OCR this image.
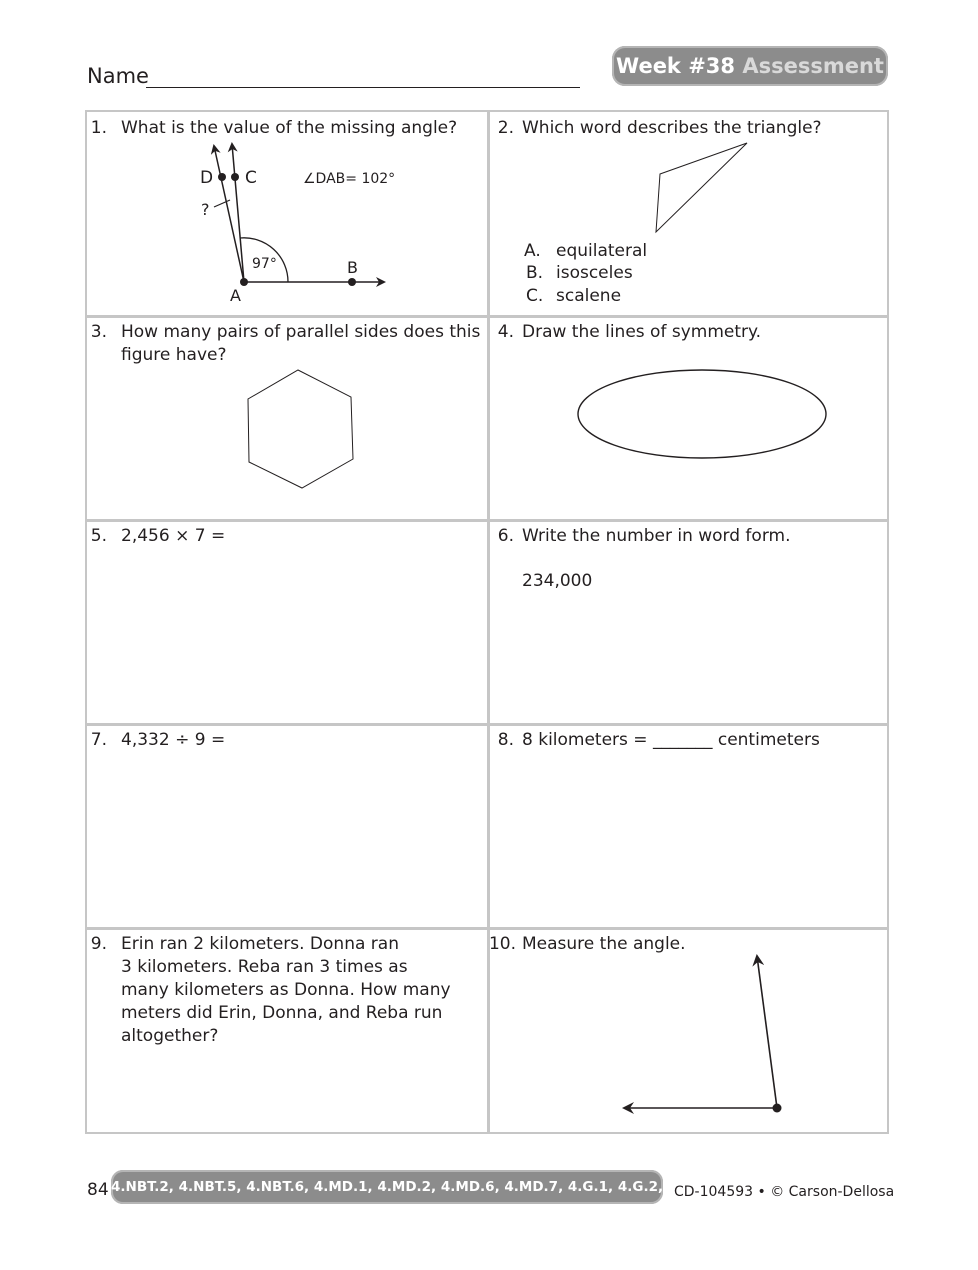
Name	Week #38 Assessment
1. What is the value of the missing angle?
D C
?
∠DAB= 102°
97°	B
A
2. Which word describes the triangle?
A. equilateral
B. isosceles
C. scalene
3. How many pairs of parallel sides does this
figure have?
4. Draw the lines of symmetry.
5. 2,456 × 7 =	6. Write the number in word form.
234,000
7. 4,332 ÷ 9 =	8. 8 kilometers = _______ centimeters
9. Erin ran 2 kilometers. Donna ran
3 kilometers. Reba ran 3 times as
many kilometers as Donna. How many
meters did Erin, Donna, and Reba run
altogether?
10. Measure the angle.
84 4.NBT.2, 4.NBT.5, 4.NBT.6, 4.MD.1, 4.MD.2, 4.MD.6, 4.MD.7, 4.G.1, 4.G.2, 4.G.3
CD-104593 • © Carson-Dellosa
